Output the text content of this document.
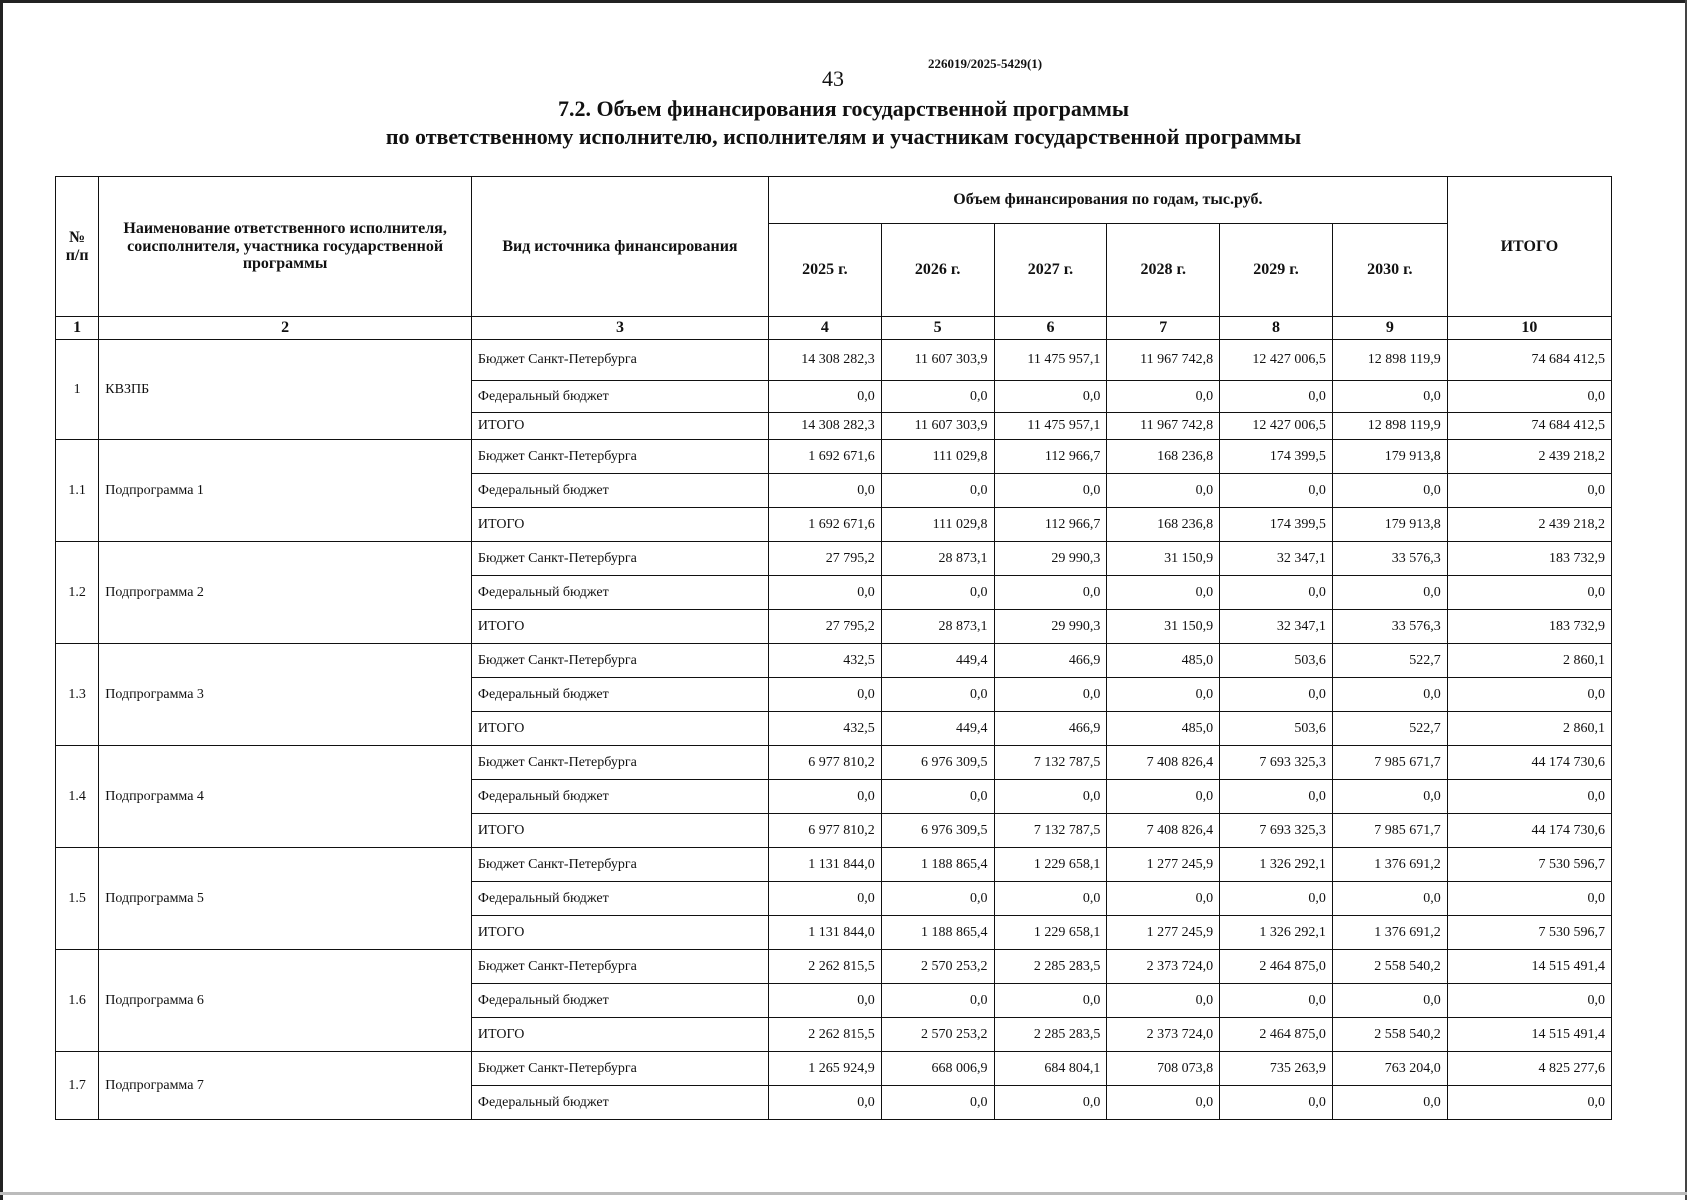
43
226019/2025-5429(1)
7.2. Объем финансирования государственной программы
по ответственному исполнителю, исполнителям и участникам государственной программы
№ п/п	Наименование ответственного исполнителя, соисполнителя, участника государственной программы	Вид источника финансирования	Объем финансирования по годам, тыс.руб.						ИТОГО
			2025 г.	2026 г.	2027 г.	2028 г.	2029 г.	2030 г.	
1	2	3	4	5	6	7	8	9	10
1	КВЗПБ	Бюджет Санкт-Петербурга	14 308 282,3	11 607 303,9	11 475 957,1	11 967 742,8	12 427 006,5	12 898 119,9	74 684 412,5
		Федеральный бюджет	0,0	0,0	0,0	0,0	0,0	0,0	0,0
		ИТОГО	14 308 282,3	11 607 303,9	11 475 957,1	11 967 742,8	12 427 006,5	12 898 119,9	74 684 412,5
1.1	Подпрограмма 1	Бюджет Санкт-Петербурга	1 692 671,6	111 029,8	112 966,7	168 236,8	174 399,5	179 913,8	2 439 218,2
		Федеральный бюджет	0,0	0,0	0,0	0,0	0,0	0,0	0,0
		ИТОГО	1 692 671,6	111 029,8	112 966,7	168 236,8	174 399,5	179 913,8	2 439 218,2
1.2	Подпрограмма 2	Бюджет Санкт-Петербурга	27 795,2	28 873,1	29 990,3	31 150,9	32 347,1	33 576,3	183 732,9
		Федеральный бюджет	0,0	0,0	0,0	0,0	0,0	0,0	0,0
		ИТОГО	27 795,2	28 873,1	29 990,3	31 150,9	32 347,1	33 576,3	183 732,9
1.3	Подпрограмма 3	Бюджет Санкт-Петербурга	432,5	449,4	466,9	485,0	503,6	522,7	2 860,1
		Федеральный бюджет	0,0	0,0	0,0	0,0	0,0	0,0	0,0
		ИТОГО	432,5	449,4	466,9	485,0	503,6	522,7	2 860,1
1.4	Подпрограмма 4	Бюджет Санкт-Петербурга	6 977 810,2	6 976 309,5	7 132 787,5	7 408 826,4	7 693 325,3	7 985 671,7	44 174 730,6
		Федеральный бюджет	0,0	0,0	0,0	0,0	0,0	0,0	0,0
		ИТОГО	6 977 810,2	6 976 309,5	7 132 787,5	7 408 826,4	7 693 325,3	7 985 671,7	44 174 730,6
1.5	Подпрограмма 5	Бюджет Санкт-Петербурга	1 131 844,0	1 188 865,4	1 229 658,1	1 277 245,9	1 326 292,1	1 376 691,2	7 530 596,7
		Федеральный бюджет	0,0	0,0	0,0	0,0	0,0	0,0	0,0
		ИТОГО	1 131 844,0	1 188 865,4	1 229 658,1	1 277 245,9	1 326 292,1	1 376 691,2	7 530 596,7
1.6	Подпрограмма 6	Бюджет Санкт-Петербурга	2 262 815,5	2 570 253,2	2 285 283,5	2 373 724,0	2 464 875,0	2 558 540,2	14 515 491,4
		Федеральный бюджет	0,0	0,0	0,0	0,0	0,0	0,0	0,0
		ИТОГО	2 262 815,5	2 570 253,2	2 285 283,5	2 373 724,0	2 464 875,0	2 558 540,2	14 515 491,4
1.7	Подпрограмма 7	Бюджет Санкт-Петербурга	1 265 924,9	668 006,9	684 804,1	708 073,8	735 263,9	763 204,0	4 825 277,6
		Федеральный бюджет	0,0	0,0	0,0	0,0	0,0	0,0	0,0
